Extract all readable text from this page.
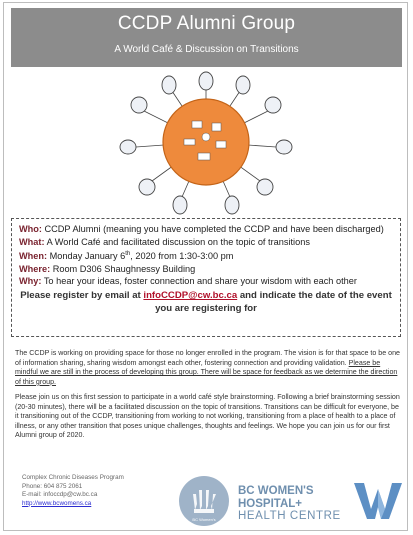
CCDP Alumni Group
A World Café & Discussion on Transitions
Who: CCDP Alumni (meaning you have completed the CCDP and have been discharged)
What: A World Café and facilitated discussion on the topic of transitions
When: Monday January 6th, 2020 from 1:30-3:00 pm
Where: Room D306 Shaughnessy Building
Why: To hear your ideas, foster connection and share your wisdom with each other
Please register by email at infoCCDP@cw.bc.ca and indicate the date of the event you are registering for
The CCDP is working on providing space for those no longer enrolled in the program. The vision is for that space to be one of information sharing, sharing wisdom amongst each other, fostering connection and providing validation. Please be mindful we are still in the process of developing this group. There will be space for feedback as we determine the direction of this group.
Please join us on this first session to participate in a world café style brainstorming. Following a brief brainstorming session (20-30 minutes), there will be a facilitated discussion on the topic of transitions. Transitions can be difficult for everyone, be it transitioning out of the CCDP, transitioning from working to not working, transitioning from a place of health to a place of illness, or any other transition that poses unique challenges, thoughts and feelings. We hope you can join us for our first Alumni group of 2020.
Complex Chronic Diseases Program
Phone: 604 875 2061
E-mail: infoccdp@cw.bc.ca
http://www.bcwomens.ca
BC Women's
BC WOMEN'S
HOSPITAL+
HEALTH CENTRE
